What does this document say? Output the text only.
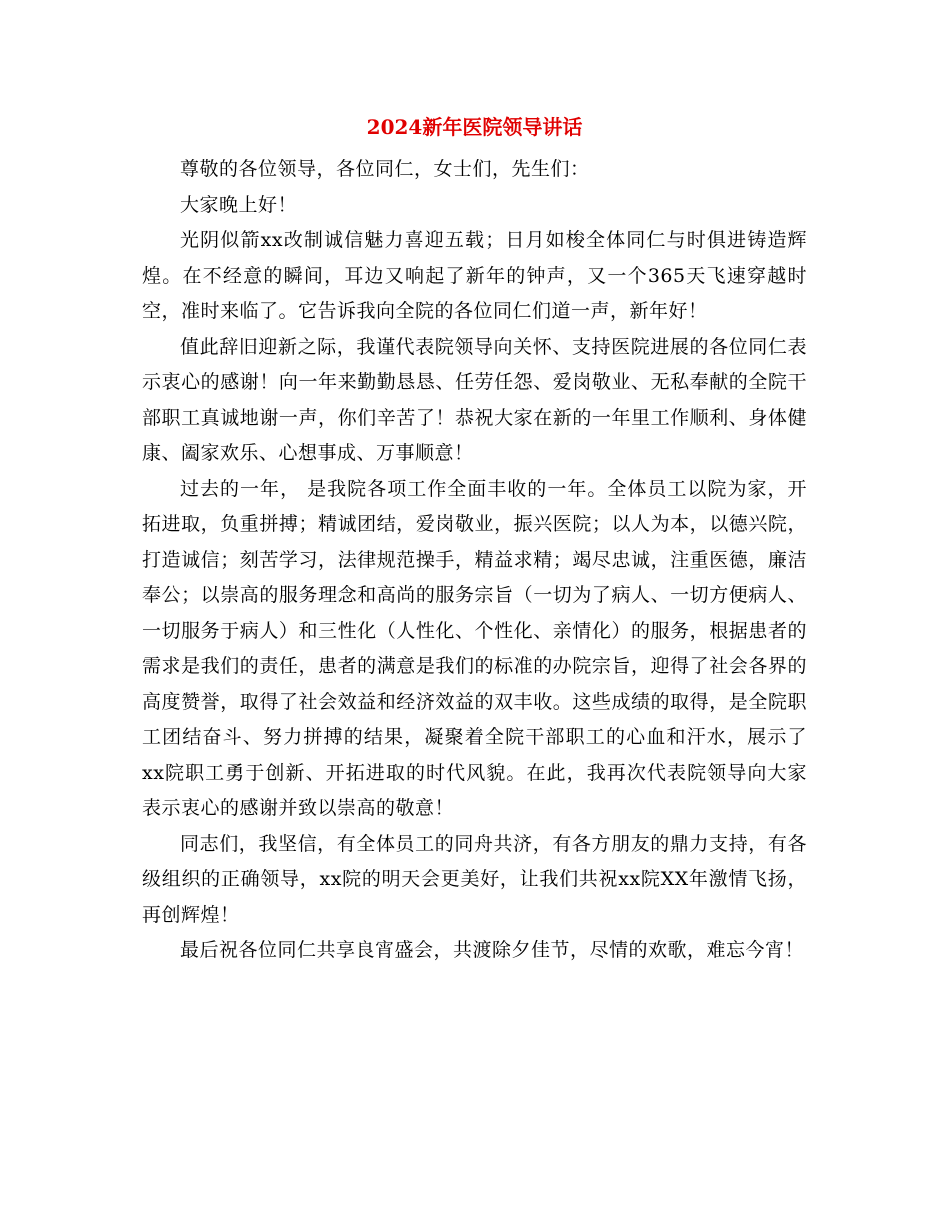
2024新年医院领导讲话

尊敬的各位领导，各位同仁，女士们，先生们：

大家晚上好！

光阴似箭xx改制诚信魅力喜迎五载；日月如梭全体同仁与时俱进铸造辉煌。在不经意的瞬间，耳边又响起了新年的钟声，又一个365天飞速穿越时空，准时来临了。它告诉我向全院的各位同仁们道一声，新年好！

值此辞旧迎新之际，我谨代表院领导向关怀、支持医院进展的各位同仁表示衷心的感谢！向一年来勤勤恳恳、任劳任怨、爱岗敬业、无私奉献的全院干部职工真诚地谢一声，你们辛苦了！恭祝大家在新的一年里工作顺利、身体健康、阖家欢乐、心想事成、万事顺意！

过去的一年， 是我院各项工作全面丰收的一年。全体员工以院为家，开拓进取，负重拼搏；精诚团结，爱岗敬业，振兴医院；以人为本，以德兴院，打造诚信；刻苦学习，法律规范操手，精益求精；竭尽忠诚，注重医德，廉洁奉公；以崇高的服务理念和高尚的服务宗旨（一切为了病人、一切方便病人、一切服务于病人）和三性化（人性化、个性化、亲情化）的服务，根据患者的需求是我们的责任，患者的满意是我们的标准的办院宗旨，迎得了社会各界的高度赞誉，取得了社会效益和经济效益的双丰收。这些成绩的取得，是全院职工团结奋斗、努力拼搏的结果，凝聚着全院干部职工的心血和汗水，展示了xx院职工勇于创新、开拓进取的时代风貌。在此，我再次代表院领导向大家表示衷心的感谢并致以崇高的敬意！

同志们，我坚信，有全体员工的同舟共济，有各方朋友的鼎力支持，有各级组织的正确领导，xx院的明天会更美好，让我们共祝xx院XX年激情飞扬，再创辉煌！

最后祝各位同仁共享良宵盛会，共渡除夕佳节，尽情的欢歌，难忘今宵！
